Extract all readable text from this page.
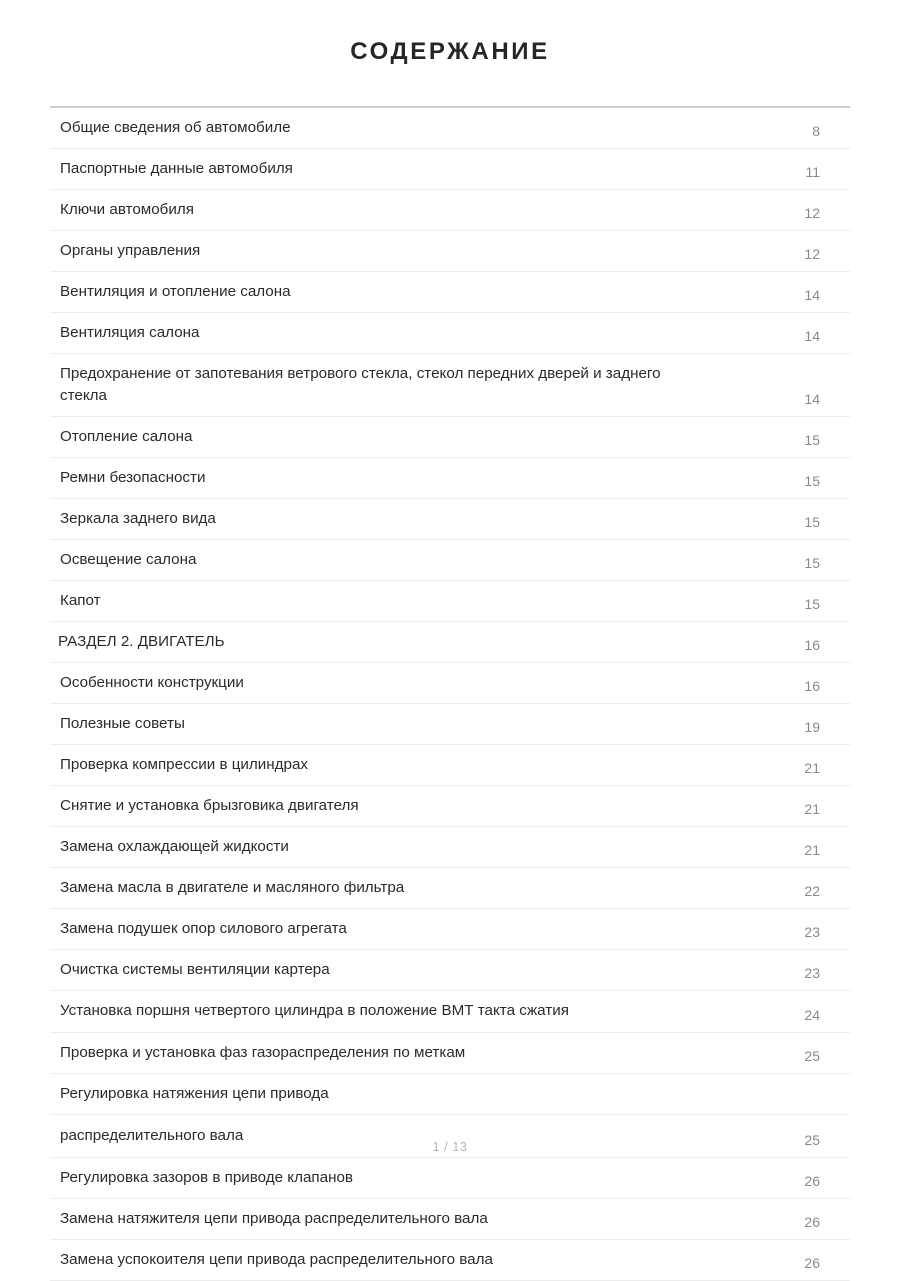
СОДЕРЖАНИЕ
Общие сведения об автомобиле	8
Паспортные данные автомобиля	11
Ключи автомобиля	12
Органы управления	12
Вентиляция и отопление салона	14
Вентиляция салона	14
Предохранение от запотевания ветрового стекла, стекол передних дверей и заднего стекла	14
Отопление салона	15
Ремни безопасности	15
Зеркала заднего вида	15
Освещение салона	15
Капот	15
РАЗДЕЛ 2. ДВИГАТЕЛЬ	16
Особенности конструкции	16
Полезные советы	19
Проверка компрессии в цилиндрах	21
Снятие и установка брызговика двигателя	21
Замена охлаждающей жидкости	21
Замена масла в двигателе и масляного фильтра	22
Замена подушек опор силового агрегата	23
Очистка системы вентиляции картера	23
Установка поршня четвертого цилиндра в положение ВМТ такта сжатия	24
Проверка и установка фаз газораспределения по меткам	25
Регулировка натяжения цепи привода	
распределительного вала	25
Регулировка зазоров в приводе клапанов	26
Замена натяжителя цепи привода распределительного вала	26
Замена успокоителя цепи привода распределительного вала	26
1 / 13
